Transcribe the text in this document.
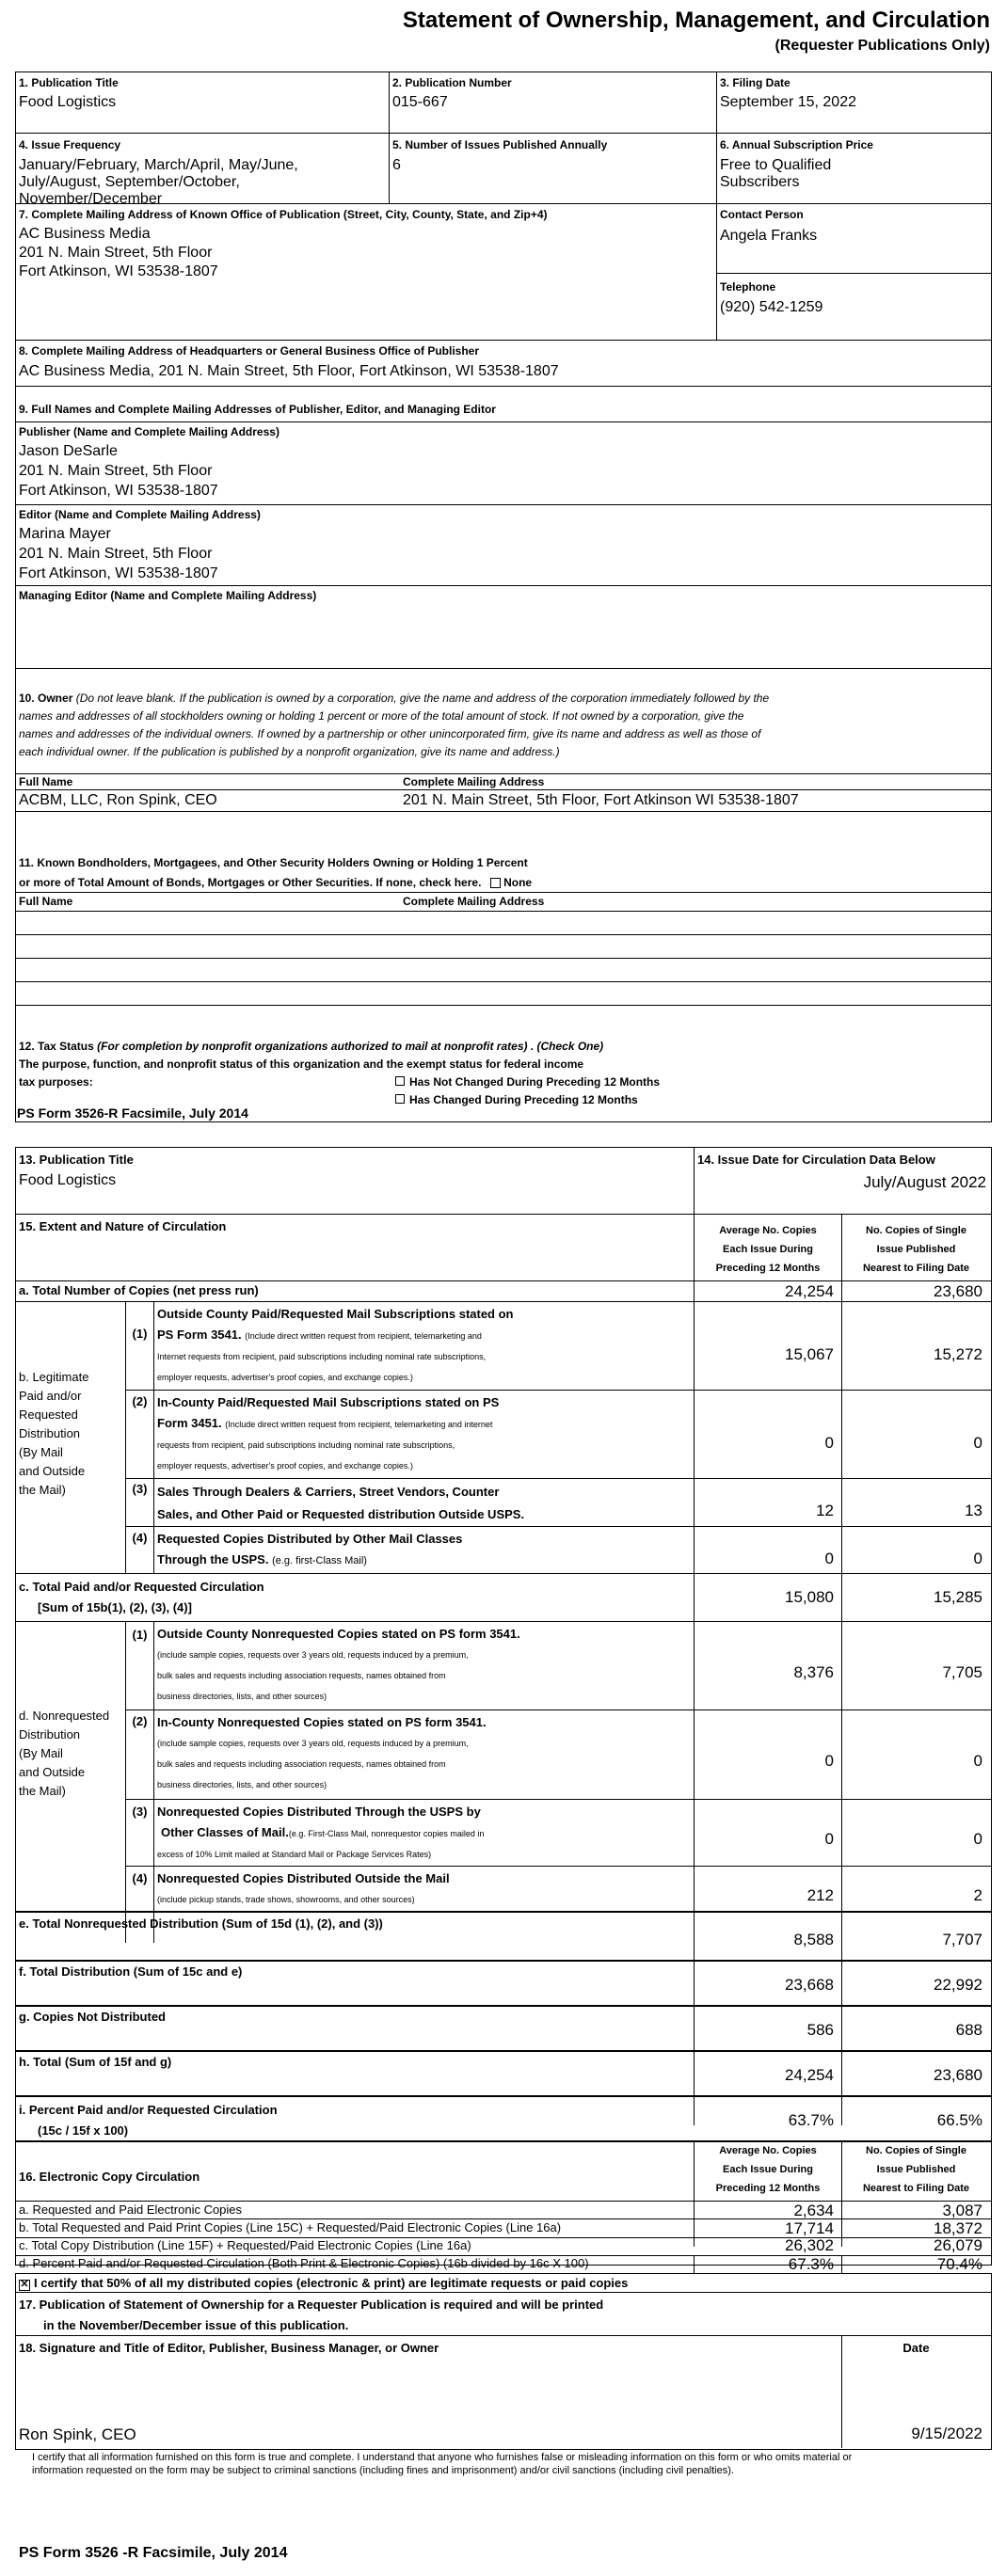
Statement of Ownership, Management, and Circulation
(Requester Publications Only)
1. Publication Title
Food Logistics
2. Publication Number
015-667
3. Filing Date
September 15, 2022
4. Issue Frequency
January/February, March/April, May/June,
July/August, September/October,
November/December
5. Number of Issues Published Annually
6
6. Annual Subscription Price
Free to Qualified
Subscribers
7. Complete Mailing Address of Known Office of Publication (Street, City, County, State, and Zip+4)
AC Business Media
201 N. Main Street, 5th Floor
Fort Atkinson, WI 53538-1807
Contact Person
Angela Franks
Telephone
(920) 542-1259
8. Complete Mailing Address of Headquarters or General Business Office of Publisher
AC Business Media, 201 N. Main Street, 5th Floor, Fort Atkinson, WI 53538-1807
9. Full Names and Complete Mailing Addresses of Publisher, Editor, and Managing Editor
Publisher (Name and Complete Mailing Address)
Jason DeSarle
201 N. Main Street, 5th Floor
Fort Atkinson, WI 53538-1807
Editor (Name and Complete Mailing Address)
Marina Mayer
201 N. Main Street, 5th Floor
Fort Atkinson, WI 53538-1807
Managing Editor (Name and Complete Mailing Address)
10. Owner (Do not leave blank. If the publication is owned by a corporation, give the name and address of the corporation immediately followed by the
names and addresses of all stockholders owning or holding 1 percent or more of the total amount of stock. If not owned by a corporation, give the
names and addresses of the individual owners. If owned by a partnership or other unincorporated firm, give its name and address as well as those of
each individual owner. If the publication is published by a nonprofit organization, give its name and address.)
Full Name	Complete Mailing Address
ACBM, LLC, Ron Spink, CEO	201 N. Main Street, 5th Floor, Fort Atkinson WI 53538-1807
11. Known Bondholders, Mortgagees, and Other Security Holders Owning or Holding 1 Percent
or more of Total Amount of Bonds, Mortgages or Other Securities. If none, check here. None
Full Name	Complete Mailing Address
12. Tax Status (For completion by nonprofit organizations authorized to mail at nonprofit rates) . (Check One)
The purpose, function, and nonprofit status of this organization and the exempt status for federal income
tax purposes:	Has Not Changed During Preceding 12 Months
Has Changed During Preceding 12 Months
PS Form 3526-R Facsimile, July 2014
13. Publication Title
Food Logistics
14. Issue Date for Circulation Data Below
July/August 2022
15. Extent and Nature of Circulation	Average No. Copies
Each Issue During
Preceding 12 Months
No. Copies of Single
Issue Published
Nearest to Filing Date
a. Total Number of Copies (net press run)	24,254	23,680
b. Legitimate
Paid and/or
Requested
Distribution
(By Mail
and Outside
the Mail)
(1)
Outside County Paid/Requested Mail Subscriptions stated on
PS Form 3541. (Include direct written request from recipient, telemarketing and
Internet requests from recipient, paid subscriptions including nominal rate subscriptions,
employer requests, advertiser's proof copies, and exchange copies.)
15,067	15,272
(2) In-County Paid/Requested Mail Subscriptions stated on PS
Form 3451. (Include direct written request from recipient, telemarketing and internet
requests from recipient, paid subscriptions including nominal rate subscriptions,
employer requests, advertiser's proof copies, and exchange copies.)
0	0
(3) Sales Through Dealers & Carriers, Street Vendors, Counter
Sales, and Other Paid or Requested distribution Outside USPS.	12	13
(4) Requested Copies Distributed by Other Mail Classes
Through the USPS. (e.g. first-Class Mail)	0	0
c. Total Paid and/or Requested Circulation
[Sum of 15b(1), (2), (3), (4)]
15,080	15,285
d. Nonrequested
Distribution
(By Mail
and Outside
the Mail)
(1) Outside County Nonrequested Copies stated on PS form 3541.
(include sample copies, requests over 3 years old, requests induced by a premium,
bulk sales and requests including association requests, names obtained from
business directories, lists, and other sources)
8,376	7,705
(2) In-County Nonrequested Copies stated on PS form 3541.
(include sample copies, requests over 3 years old, requests induced by a premium,
bulk sales and requests including association requests, names obtained from
business directories, lists, and other sources)
0	0
(3) Nonrequested Copies Distributed Through the USPS by
Other Classes of Mail.(e.g. First-Class Mail, nonrequestor copies mailed in
excess of 10% Limit mailed at Standard Mail or Package Services Rates)
0	0
(4) Nonrequested Copies Distributed Outside the Mail
(include pickup stands, trade shows, showrooms, and other sources)	212	2
e. Total Nonrequested Distribution (Sum of 15d (1), (2), and (3))
8,588	7,707
f. Total Distribution (Sum of 15c and e)
23,668	22,992
g. Copies Not Distributed
586	688
h. Total (Sum of 15f and g)
24,254	23,680
i. Percent Paid and/or Requested Circulation
(15c / 15f x 100)
63.7%	66.5%
16. Electronic Copy Circulation
Average No. Copies
Each Issue During
Preceding 12 Months
No. Copies of Single
Issue Published
Nearest to Filing Date
a. Requested and Paid Electronic Copies	2,634	3,087
b. Total Requested and Paid Print Copies (Line 15C) + Requested/Paid Electronic Copies (Line 16a)	17,714	18,372
c. Total Copy Distribution (Line 15F) + Requested/Paid Electronic Copies (Line 16a)	26,302	26,079
d. Percent Paid and/or Requested Circulation (Both Print & Electronic Copies) (16b divided by 16c X 100)	67.3%	70.4%
✕ I certify that 50% of all my distributed copies (electronic & print) are legitimate requests or paid copies
17. Publication of Statement of Ownership for a Requester Publication is required and will be printed
in the November/December issue of this publication.
18. Signature and Title of Editor, Publisher, Business Manager, or Owner	Date
Ron Spink, CEO	9/15/2022
I certify that all information furnished on this form is true and complete. I understand that anyone who furnishes false or misleading information on this form or who omits material or
information requested on the form may be subject to criminal sanctions (including fines and imprisonment) and/or civil sanctions (including civil penalties).
PS Form 3526 -R Facsimile, July 2014
